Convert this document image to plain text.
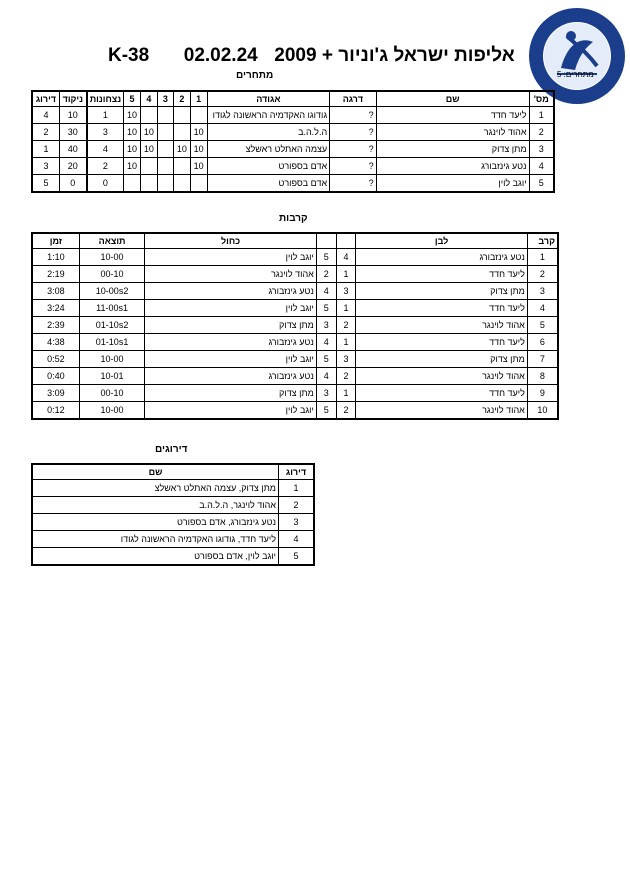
K-38 02.02.24 אליפות ישראל ג'וניור + 2009
מתחרים	מתחרים: 5
מס'	שם	דרגה	אגודה	1	2	3	4	5	נצחונות	ניקוד	דירוג
1	ליעד חדד	?	גודוגו האקדמיה הראשונה לגודו					10	1	10	4
2	אהוד לוינגר	?	ה.ל.ה.ב	10			10	10	3	30	2
3	מתן צדוק	?	עצמה האתלט ראשלצ	10	10		10	10	4	40	1
4	נטע גינזבורג	?	אדם בספורט	10				10	2	20	3
5	יוגב לוין	?	אדם בספורט						0	0	5
קרבות
קרב	לבן			כחול	תוצאה	זמן
1	נטע גינזבורג	4	5	יוגב לוין	10-00	1:10
2	ליעד חדד	1	2	אהוד לוינגר	00-10	2:19
3	מתן צדוק	3	4	נטע גינזבורג	10-00s2	3:08
4	ליעד חדד	1	5	יוגב לוין	11-00s1	3:24
5	אהוד לוינגר	2	3	מתן צדוק	01-10s2	2:39
6	ליעד חדד	1	4	נטע גינזבורג	01-10s1	4:38
7	מתן צדוק	3	5	יוגב לוין	10-00	0:52
8	אהוד לוינגר	2	4	נטע גינזבורג	10-01	0:40
9	ליעד חדד	1	3	מתן צדוק	00-10	3:09
10	אהוד לוינגר	2	5	יוגב לוין	10-00	0:12
דירוגים
דירוג	שם
1	מתן צדוק, עצמה האתלט ראשלצ
2	אהוד לוינגר, ה.ל.ה.ב
3	נטע גינזבורג, אדם בספורט
4	ליעד חדד, גודוגו האקדמיה הראשונה לגודו
5	יוגב לוין, אדם בספורט
